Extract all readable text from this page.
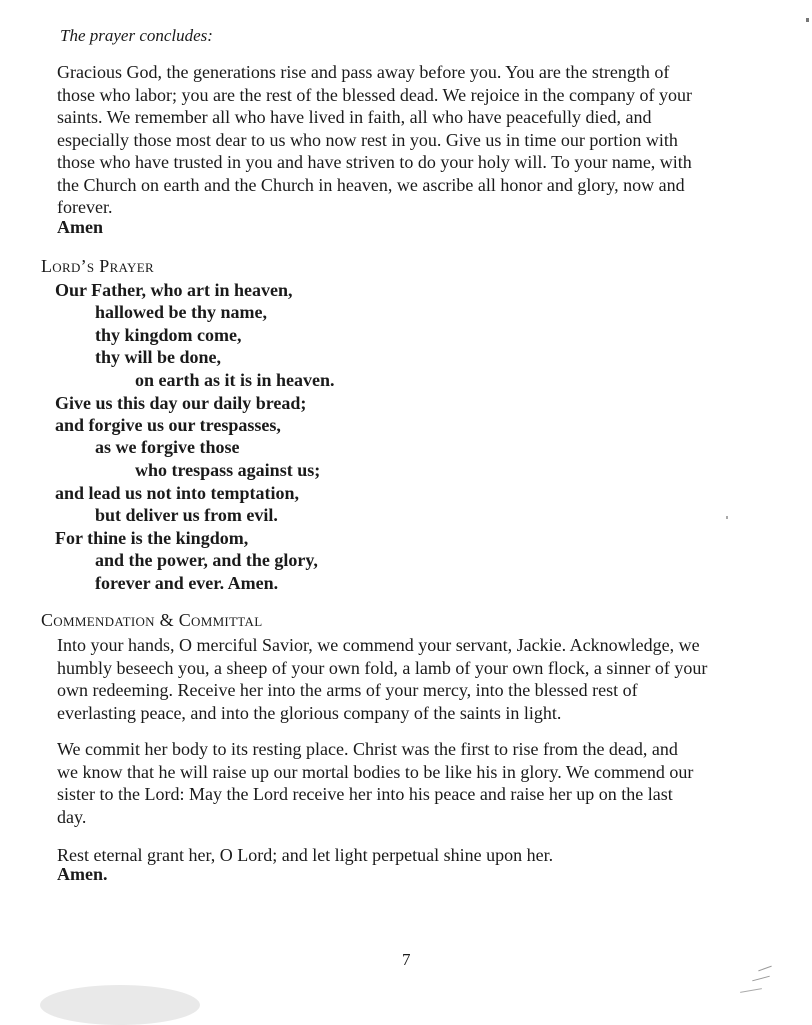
The prayer concludes:
Gracious God, the generations rise and pass away before you. You are the strength of
those who labor; you are the rest of the blessed dead. We rejoice in the company of your
saints. We remember all who have lived in faith, all who have peacefully died, and
especially those most dear to us who now rest in you. Give us in time our portion with
those who have trusted in you and have striven to do your holy will. To your name, with
the Church on earth and the Church in heaven, we ascribe all honor and glory, now and
forever.
Amen
Lord’s Prayer
Our Father, who art in heaven,
hallowed be thy name,
thy kingdom come,
thy will be done,
on earth as it is in heaven.
Give us this day our daily bread;
and forgive us our trespasses,
as we forgive those
who trespass against us;
and lead us not into temptation,
but deliver us from evil.
For thine is the kingdom,
and the power, and the glory,
forever and ever. Amen.
Commendation & Committal
Into your hands, O merciful Savior, we commend your servant, Jackie. Acknowledge, we
humbly beseech you, a sheep of your own fold, a lamb of your own flock, a sinner of your
own redeeming. Receive her into the arms of your mercy, into the blessed rest of
everlasting peace, and into the glorious company of the saints in light.
We commit her body to its resting place. Christ was the first to rise from the dead, and
we know that he will raise up our mortal bodies to be like his in glory. We commend our
sister to the Lord: May the Lord receive her into his peace and raise her up on the last
day.
Rest eternal grant her, O Lord; and let light perpetual shine upon her.
Amen.
7
